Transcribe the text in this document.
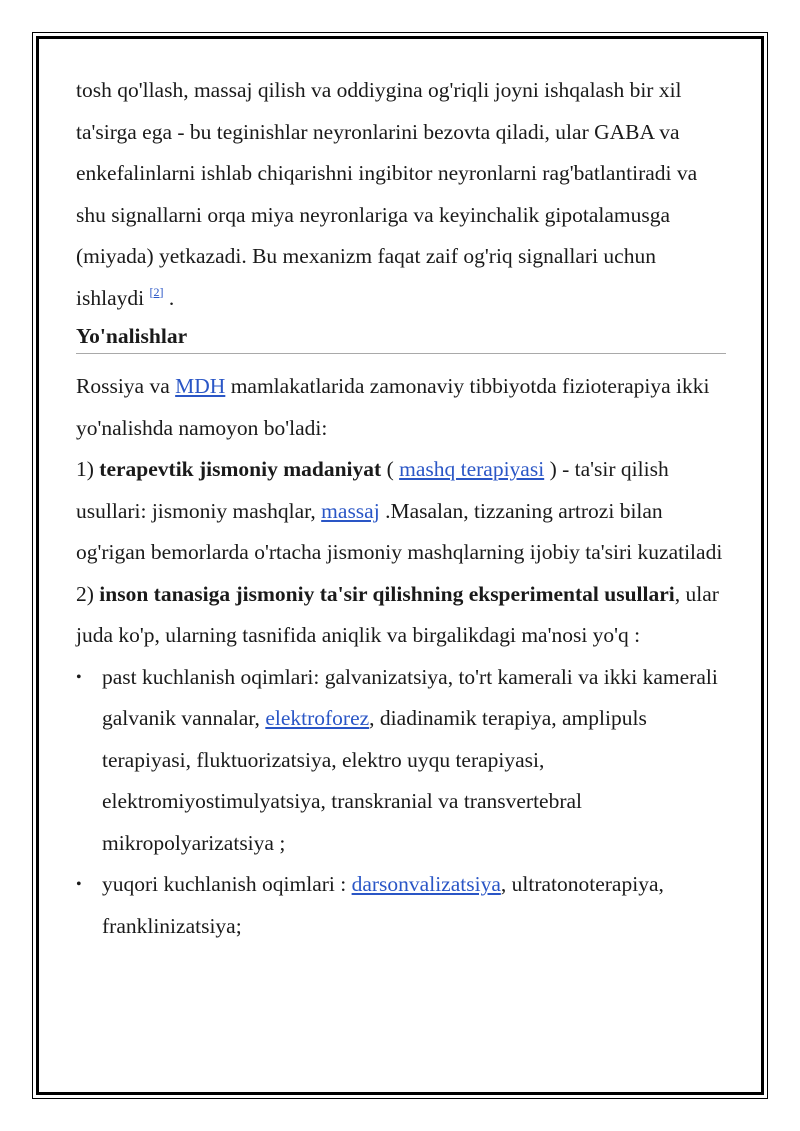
tosh qo'llash, massaj qilish va oddiygina og'riqli joyni ishqalash bir xil ta'sirga ega - bu teginishlar neyronlarini bezovta qiladi, ular GABA va enkefalinlarni ishlab chiqarishni ingibitor neyronlarni rag'batlantiradi va shu signallarni orqa miya neyronlariga va keyinchalik gipotalamusga (miyada) yetkazadi. Bu mexanizm faqat zaif og'riq signallari uchun ishlaydi [2] .

Yo'nalishlar

Rossiya va MDH mamlakatlarida zamonaviy tibbiyotda fizioterapiya ikki yo'nalishda namoyon bo'ladi:

1) terapevtik jismoniy madaniyat ( mashq terapiyasi ) - ta'sir qilish usullari: jismoniy mashqlar, massaj .Masalan, tizzaning artrozi bilan og'rigan bemorlarda o'rtacha jismoniy mashqlarning ijobiy ta'siri kuzatiladi

2) inson tanasiga jismoniy ta'sir qilishning eksperimental usullari, ular juda ko'p, ularning tasnifida aniqlik va birgalikdagi ma'nosi yo'q :

• past kuchlanish oqimlari: galvanizatsiya, to'rt kamerali va ikki kamerali galvanik vannalar, elektroforez, diadinamik terapiya, amplipuls terapiyasi, fluktuorizatsiya, elektro uyqu terapiyasi, elektromiyostimulyatsiya, transkranial va transvertebral mikropolyarizatsiya ;
• yuqori kuchlanish oqimlari : darsonvalizatsiya, ultratonoterapiya, franklinizatsiya;
